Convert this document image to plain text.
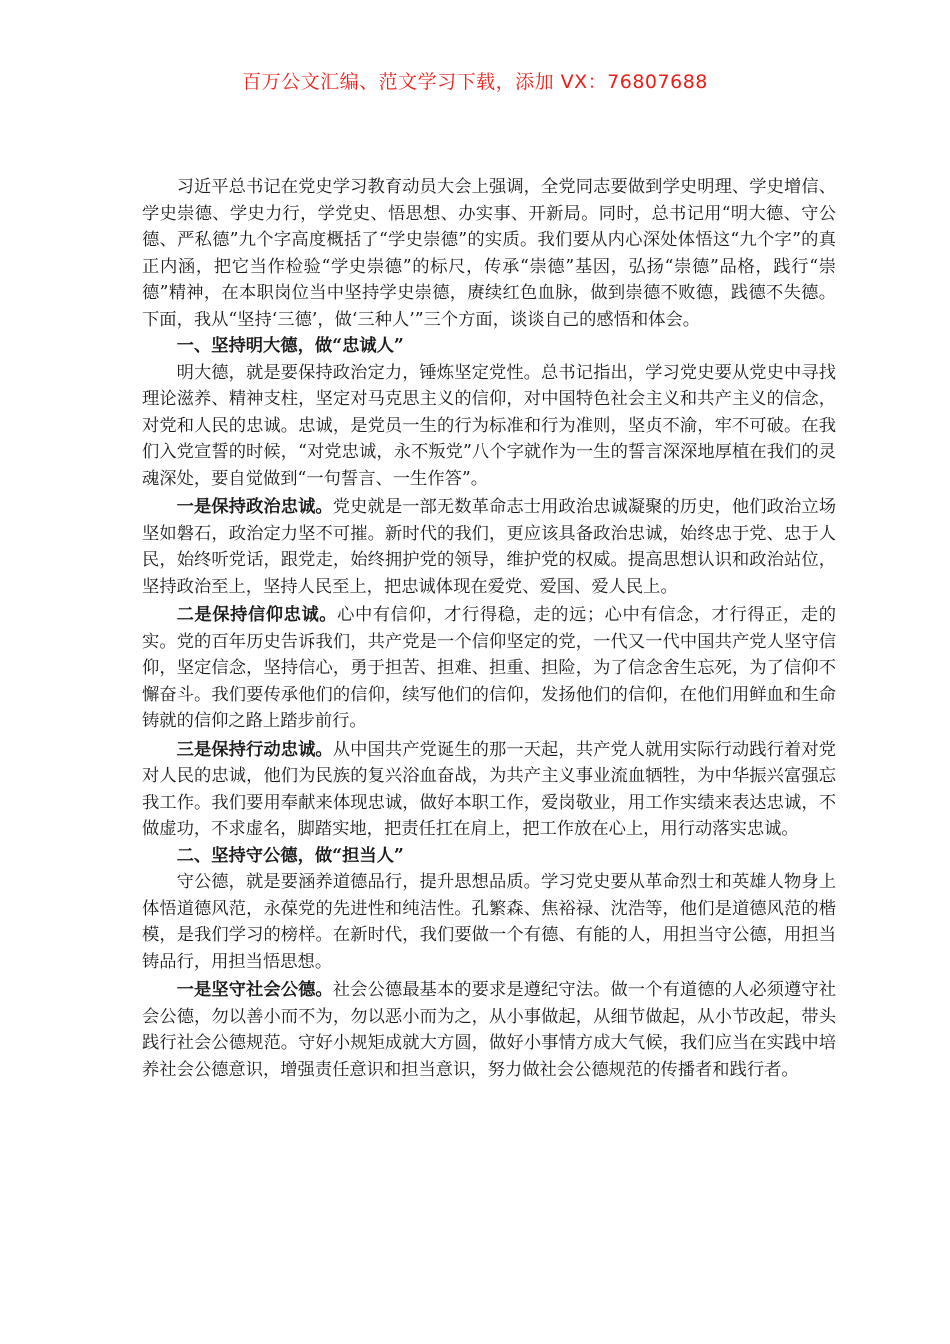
百万公文汇编、范文学习下载，添加 VX：76807688

习近平总书记在党史学习教育动员大会上强调，全党同志要做到学史明理、学史增信、学史崇德、学史力行，学党史、悟思想、办实事、开新局。同时，总书记用“明大德、守公德、严私德”九个字高度概括了“学史崇德”的实质。我们要从内心深处体悟这“九个字”的真正内涵，把它当作检验“学史崇德”的标尺，传承“崇德”基因，弘扬“崇德”品格，践行“崇德”精神，在本职岗位当中坚持学史崇德，赓续红色血脉，做到崇德不败德，践德不失德。下面，我从“坚持‘三德’，做‘三种人’”三个方面，谈谈自己的感悟和体会。

一、坚持明大德，做“忠诚人”

明大德，就是要保持政治定力，锤炼坚定党性。总书记指出，学习党史要从党史中寻找理论滋养、精神支柱，坚定对马克思主义的信仰，对中国特色社会主义和共产主义的信念，对党和人民的忠诚。忠诚，是党员一生的行为标准和行为准则，坚贞不渝，牢不可破。在我们入党宣誓的时候，“对党忠诚，永不叛党”八个字就作为一生的誓言深深地厚植在我们的灵魂深处，要自觉做到“一句誓言、一生作答”。

一是保持政治忠诚。党史就是一部无数革命志士用政治忠诚凝聚的历史，他们政治立场坚如磐石，政治定力坚不可摧。新时代的我们，更应该具备政治忠诚，始终忠于党、忠于人民，始终听党话，跟党走，始终拥护党的领导，维护党的权威。提高思想认识和政治站位，坚持政治至上，坚持人民至上，把忠诚体现在爱党、爱国、爱人民上。

二是保持信仰忠诚。心中有信仰，才行得稳，走的远；心中有信念，才行得正，走的实。党的百年历史告诉我们，共产党是一个信仰坚定的党，一代又一代中国共产党人坚守信仰，坚定信念，坚持信心，勇于担苦、担难、担重、担险，为了信念舍生忘死，为了信仰不懈奋斗。我们要传承他们的信仰，续写他们的信仰，发扬他们的信仰，在他们用鲜血和生命铸就的信仰之路上踏步前行。

三是保持行动忠诚。从中国共产党诞生的那一天起，共产党人就用实际行动践行着对党对人民的忠诚，他们为民族的复兴浴血奋战，为共产主义事业流血牺牲，为中华振兴富强忘我工作。我们要用奉献来体现忠诚，做好本职工作，爱岗敬业，用工作实绩来表达忠诚，不做虚功，不求虚名，脚踏实地，把责任扛在肩上，把工作放在心上，用行动落实忠诚。

二、坚持守公德，做“担当人”

守公德，就是要涵养道德品行，提升思想品质。学习党史要从革命烈士和英雄人物身上体悟道德风范，永葆党的先进性和纯洁性。孔繁森、焦裕禄、沈浩等，他们是道德风范的楷模，是我们学习的榜样。在新时代，我们要做一个有德、有能的人，用担当守公德，用担当铸品行，用担当悟思想。

一是坚守社会公德。社会公德最基本的要求是遵纪守法。做一个有道德的人必须遵守社会公德，勿以善小而不为，勿以恶小而为之，从小事做起，从细节做起，从小节改起，带头践行社会公德规范。守好小规矩成就大方圆，做好小事情方成大气候，我们应当在实践中培养社会公德意识，增强责任意识和担当意识，努力做社会公德规范的传播者和践行者。
